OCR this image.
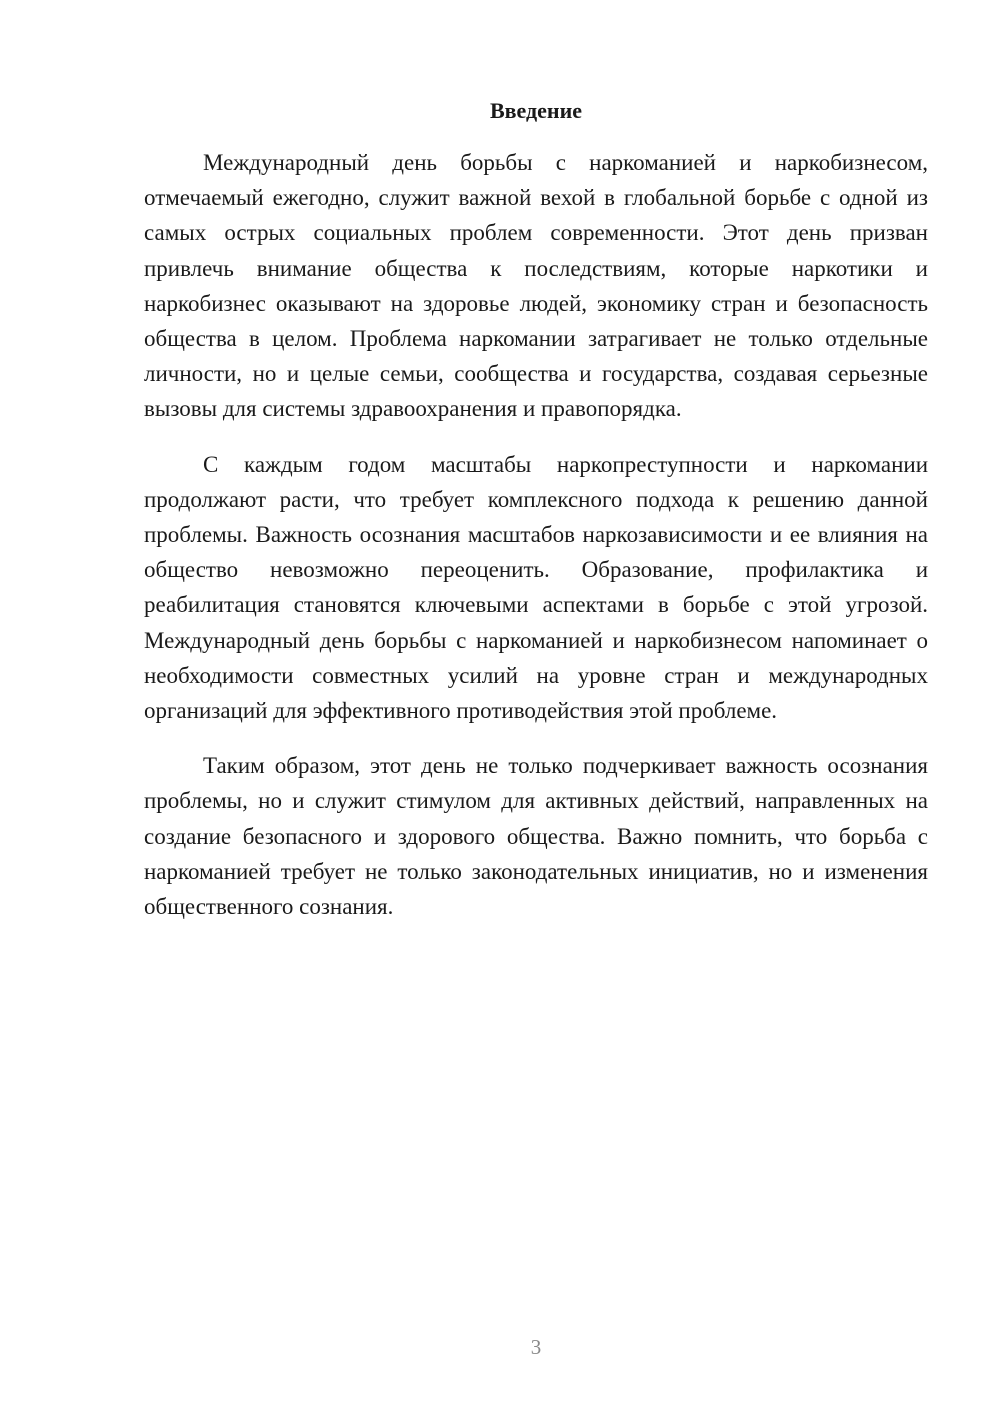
Введение

Международный день борьбы с наркоманией и наркобизнесом, отмечаемый ежегодно, служит важной вехой в глобальной борьбе с одной из самых острых социальных проблем современности. Этот день призван привлечь внимание общества к последствиям, которые наркотики и наркобизнес оказывают на здоровье людей, экономику стран и безопасность общества в целом. Проблема наркомании затрагивает не только отдельные личности, но и целые семьи, сообщества и государства, создавая серьезные вызовы для системы здравоохранения и правопорядка.

С каждым годом масштабы наркопреступности и наркомании продолжают расти, что требует комплексного подхода к решению данной проблемы. Важность осознания масштабов наркозависимости и ее влияния на общество невозможно переоценить. Образование, профилактика и реабилитация становятся ключевыми аспектами в борьбе с этой угрозой. Международный день борьбы с наркоманией и наркобизнесом напоминает о необходимости совместных усилий на уровне стран и международных организаций для эффективного противодействия этой проблеме.

Таким образом, этот день не только подчеркивает важность осознания проблемы, но и служит стимулом для активных действий, направленных на создание безопасного и здорового общества. Важно помнить, что борьба с наркоманией требует не только законодательных инициатив, но и изменения общественного сознания.

3
